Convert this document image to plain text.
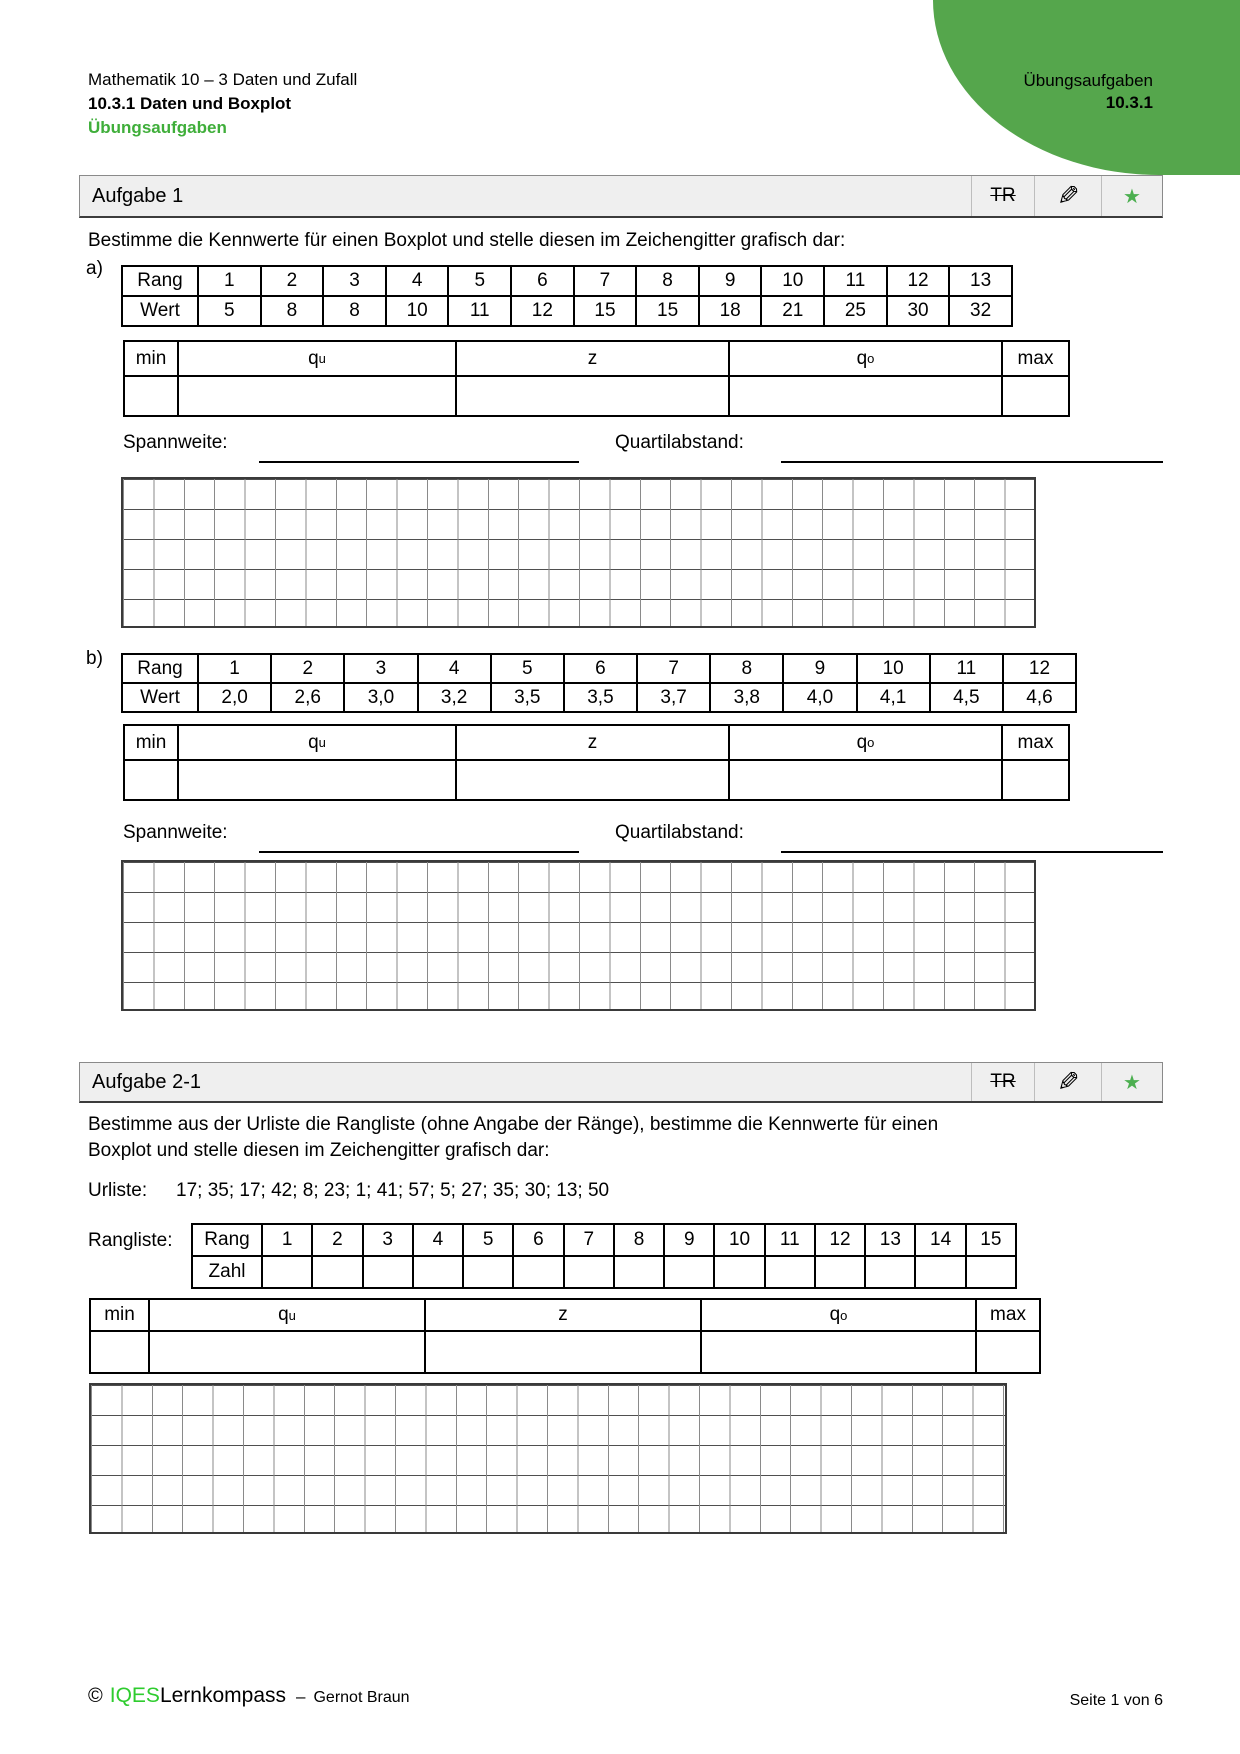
Übungsaufgaben
10.3.1
Mathematik 10 – 3 Daten und Zufall
10.3.1 Daten und Boxplot
Übungsaufgaben
Aufgabe 1	TR ✎ ★
Bestimme die Kennwerte für einen Boxplot und stelle diesen im Zeichengitter grafisch dar:
a)
Rang	1	2	3	4	5	6	7	8	9	10	11	12	13
Wert	5	8	8	10	11	12	15	15	18	21	25	30	32
min	q u	z	q o	max
Spannweite:	Quartilabstand:
b)	Rang	1	2	3	4	5	6	7	8	9	10	11	12
Wert	2,0	2,6	3,0	3,2	3,5	3,5	3,7	3,8	4,0	4,1	4,5	4,6
min	q u	z	q o	max
Spannweite:	Quartilabstand:
Aufgabe 2-1	TR ✎ ★
Bestimme aus der Urliste die Rangliste (ohne Angabe der Ränge), bestimme die Kennwerte für einen
Boxplot und stelle diesen im Zeichengitter grafisch dar:
Urliste: 17; 35; 17; 42; 8; 23; 1; 41; 57; 5; 27; 35; 30; 13; 50
Rangliste:	Rang	1	2	3	4	5	6	7	8	9	10	11	12	13	14	15
Zahl
min	q u	z	q o	max
© IQES Lernkompass – Gernot Braun	Seite 1 von 6
